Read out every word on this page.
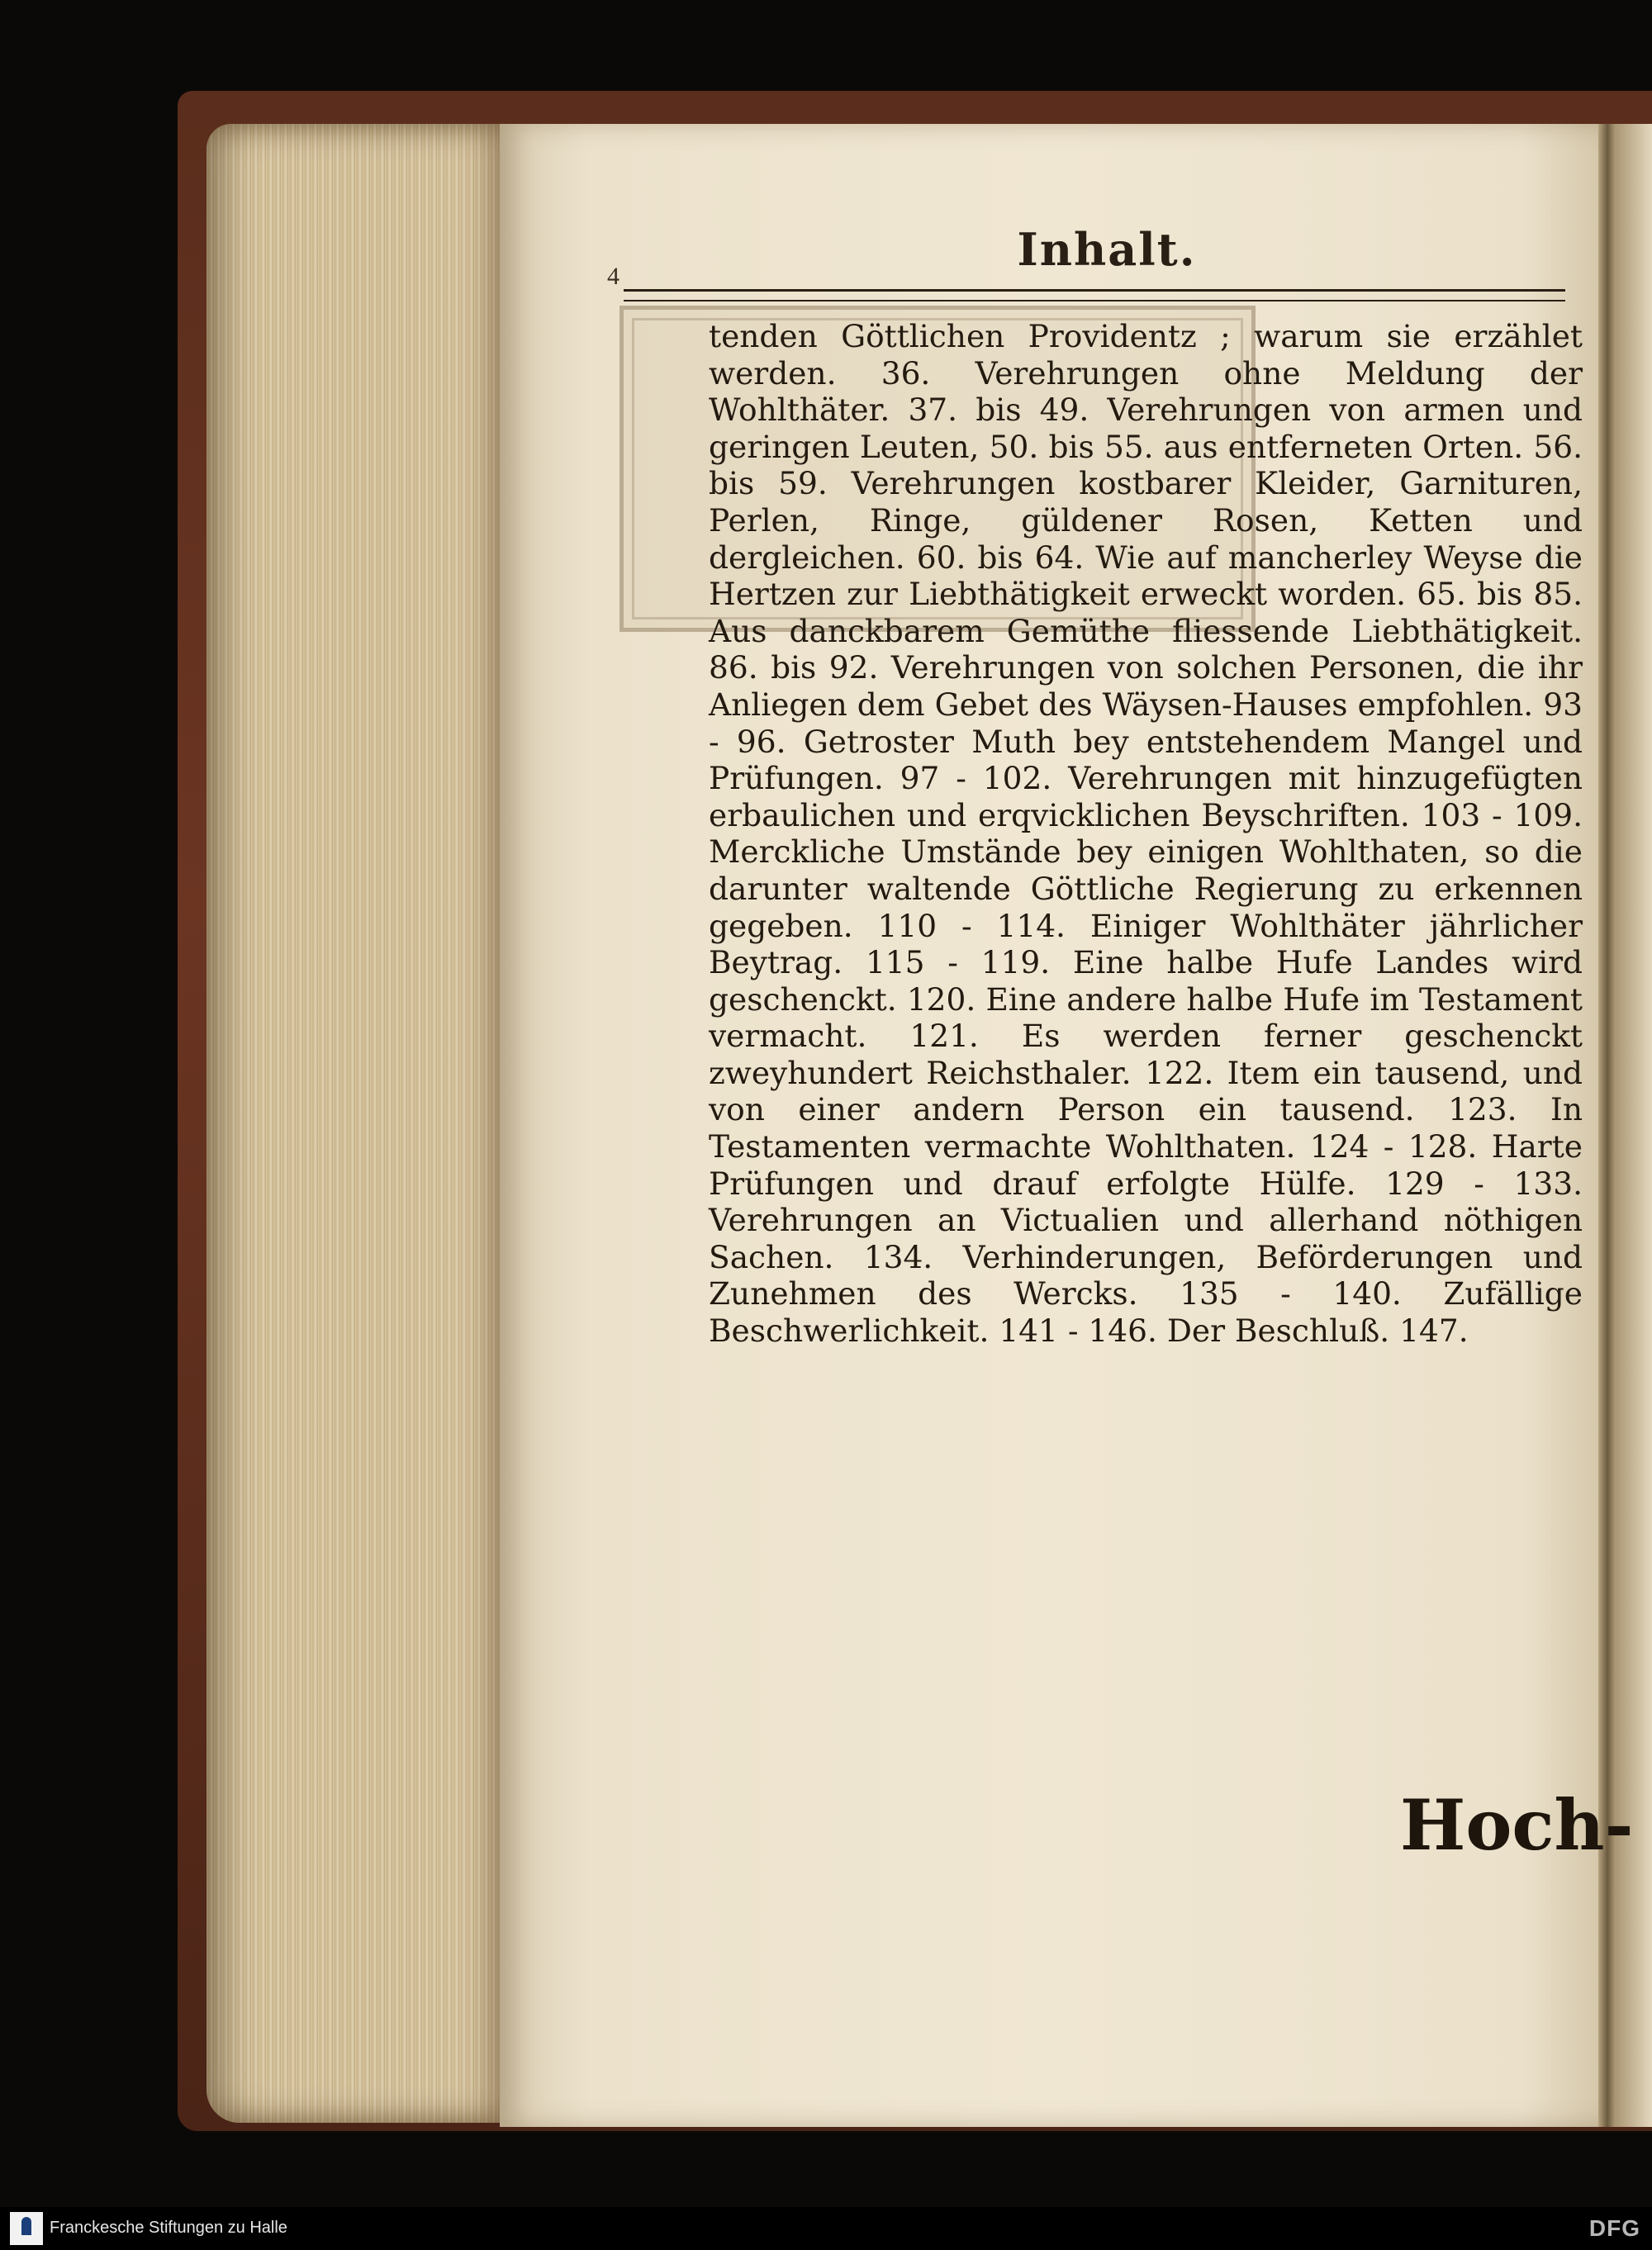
4
Inhalt.
tenden Göttlichen Providentz ; warum sie erzählet werden. 36. Verehrungen ohne Meldung der Wohlthäter. 37. bis 49. Verehrungen von armen und geringen Leuten, 50. bis 55. aus entferneten Orten. 56. bis 59. Verehrungen kostbarer Kleider, Garnituren, Perlen, Ringe, güldener Rosen, Ketten und dergleichen. 60. bis 64. Wie auf mancherley Weyse die Hertzen zur Liebthätigkeit erweckt worden. 65. bis 85. Aus danckbarem Gemüthe fliessende Liebthätigkeit. 86. bis 92. Verehrungen von solchen Personen, die ihr Anliegen dem Gebet des Wäysen-Hauses empfohlen. 93 - 96. Getroster Muth bey entstehendem Mangel und Prüfungen. 97 - 102. Verehrungen mit hinzugefügten erbaulichen und erqvicklichen Beyschriften. 103 - 109. Merckliche Umstände bey einigen Wohlthaten, so die darunter waltende Göttliche Regierung zu erkennen gegeben. 110 - 114. Einiger Wohlthäter jährlicher Beytrag. 115 - 119. Eine halbe Hufe Landes wird geschenckt. 120. Eine andere halbe Hufe im Testament vermacht. 121. Es werden ferner geschenckt zweyhundert Reichsthaler. 122. Item ein tausend, und von einer andern Person ein tausend. 123. In Testamenten vermachte Wohlthaten. 124 - 128. Harte Prüfungen und drauf erfolgte Hülfe. 129 - 133. Verehrungen an Victualien und allerhand nöthigen Sachen. 134. Verhinderungen, Beförderungen und Zunehmen des Wercks. 135 - 140. Zufällige Beschwerlichkeit. 141 - 146. Der Beschluß. 147.
Hoch-
Franckesche Stiftungen zu Halle	DFG
